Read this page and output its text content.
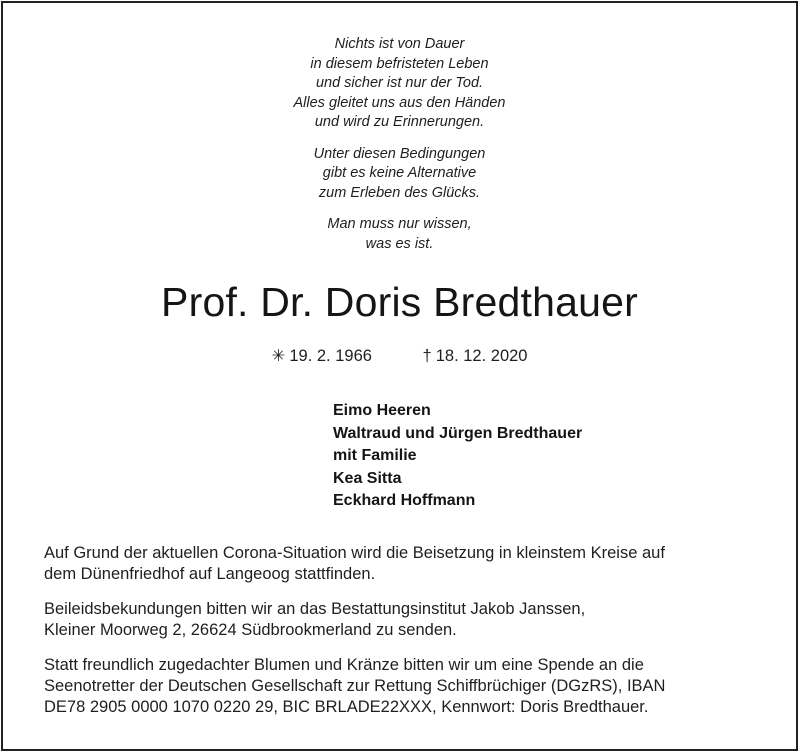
Nichts ist von Dauer
in diesem befristeten Leben
und sicher ist nur der Tod.
Alles gleitet uns aus den Händen
und wird zu Erinnerungen.
Unter diesen Bedingungen
gibt es keine Alternative
zum Erleben des Glücks.
Man muss nur wissen,
was es ist.
Prof. Dr. Doris Bredthauer
✳ 19. 2. 1966	† 18. 12. 2020
Eimo Heeren
Waltraud und Jürgen Bredthauer
mit Familie
Kea Sitta
Eckhard Hoffmann

Auf Grund der aktuellen Corona-Situation wird die Beisetzung in kleinstem Kreise auf
dem Dünenfriedhof auf Langeoog stattfinden.

Beileidsbekundungen bitten wir an das Bestattungsinstitut Jakob Janssen,
Kleiner Moorweg 2, 26624 Südbrookmerland zu senden.

Statt freundlich zugedachter Blumen und Kränze bitten wir um eine Spende an die
Seenotretter der Deutschen Gesellschaft zur Rettung Schiffbrüchiger (DGzRS), IBAN
DE78 2905 0000 1070 0220 29, BIC BRLADE22XXX, Kennwort: Doris Bredthauer.
